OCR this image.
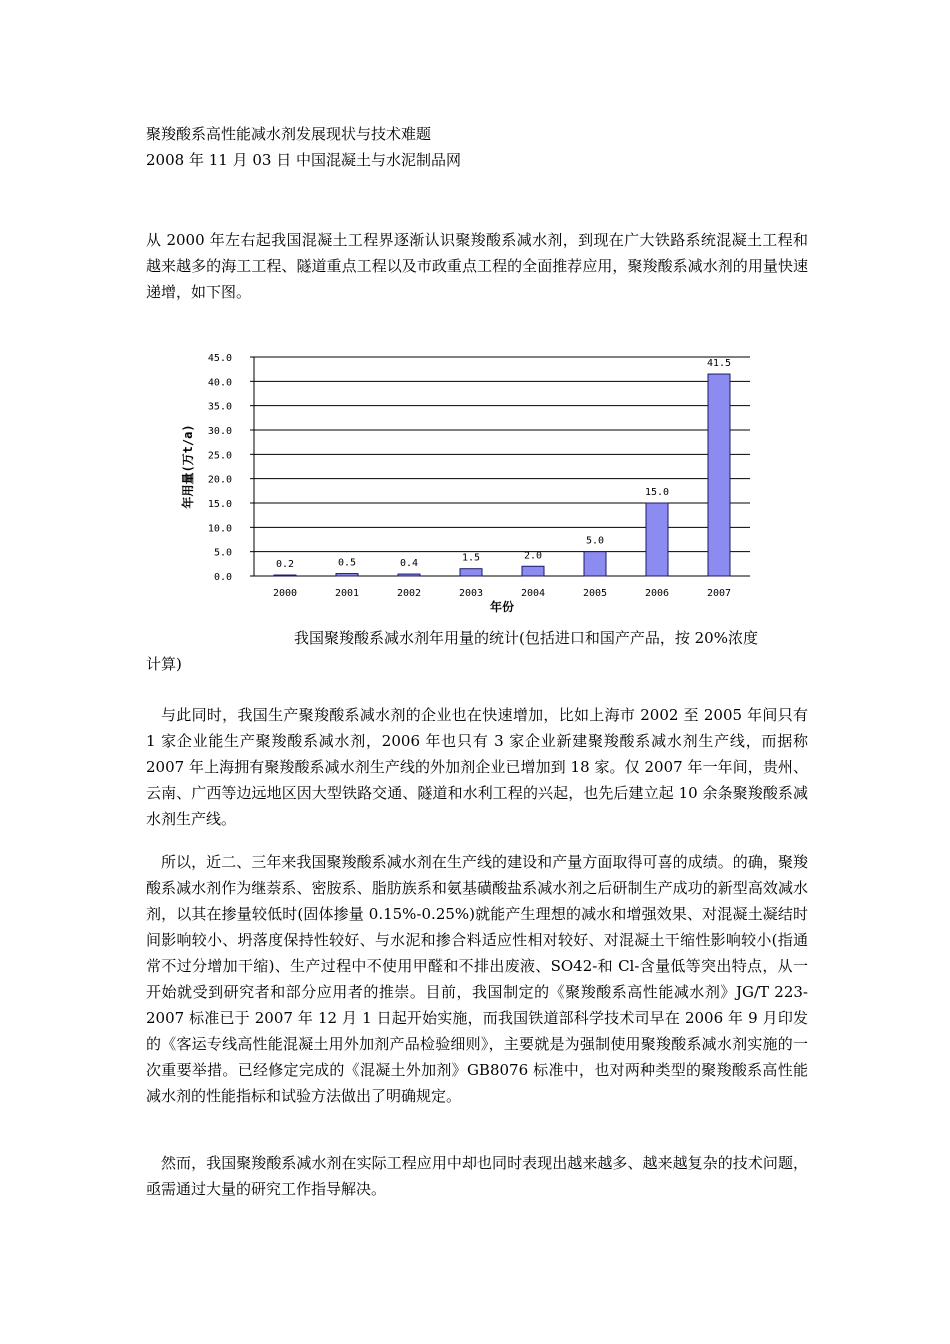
聚羧酸系高性能减水剂发展现状与技术难题
2008 年 11 月 03 日 中国混凝土与水泥制品网
从 2000 年左右起我国混凝土工程界逐渐认识聚羧酸系减水剂，到现在广大铁路系统混凝土工程和越来越多的海工工程、隧道重点工程以及市政重点工程的全面推荐应用，聚羧酸系减水剂的用量快速递增，如下图。
0.0
5.0
10.0
15.0
20.0
25.0
30.0
35.0
40.0
45.0
0.2
2000
0.5
2001
0.4
2002
1.5
2003
2.0
2004
5.0
2005
15.0
2006
41.5
2007
年份
年用量(万t/a)
我国聚羧酸系减水剂年用量的统计(包括进口和国产产品，按 20%浓度
计算)
与此同时，我国生产聚羧酸系减水剂的企业也在快速增加，比如上海市 2002 至 2005 年间只有 1 家企业能生产聚羧酸系减水剂，2006 年也只有 3 家企业新建聚羧酸系减水剂生产线，而据称 2007 年上海拥有聚羧酸系减水剂生产线的外加剂企业已增加到 18 家。仅 2007 年一年间，贵州、云南、广西等边远地区因大型铁路交通、隧道和水利工程的兴起，也先后建立起 10 余条聚羧酸系减水剂生产线。
所以，近二、三年来我国聚羧酸系减水剂在生产线的建设和产量方面取得可喜的成绩。的确，聚羧酸系减水剂作为继萘系、密胺系、脂肪族系和氨基磺酸盐系减水剂之后研制生产成功的新型高效减水剂，以其在掺量较低时(固体掺量 0.15%-0.25%)就能产生理想的减水和增强效果、对混凝土凝结时间影响较小、坍落度保持性较好、与水泥和掺合料适应性相对较好、对混凝土干缩性影响较小(指通常不过分增加干缩)、生产过程中不使用甲醛和不排出废液、SO42-和 Cl-含量低等突出特点，从一开始就受到研究者和部分应用者的推崇。目前，我国制定的《聚羧酸系高性能减水剂》JG/T 223-2007 标准已于 2007 年 12 月 1 日起开始实施，而我国铁道部科学技术司早在 2006 年 9 月印发的《客运专线高性能混凝土用外加剂产品检验细则》，主要就是为强制使用聚羧酸系减水剂实施的一次重要举措。已经修定完成的《混凝土外加剂》GB8076 标准中，也对两种类型的聚羧酸系高性能减水剂的性能指标和试验方法做出了明确规定。
然而，我国聚羧酸系减水剂在实际工程应用中却也同时表现出越来越多、越来越复杂的技术问题，亟需通过大量的研究工作指导解决。
